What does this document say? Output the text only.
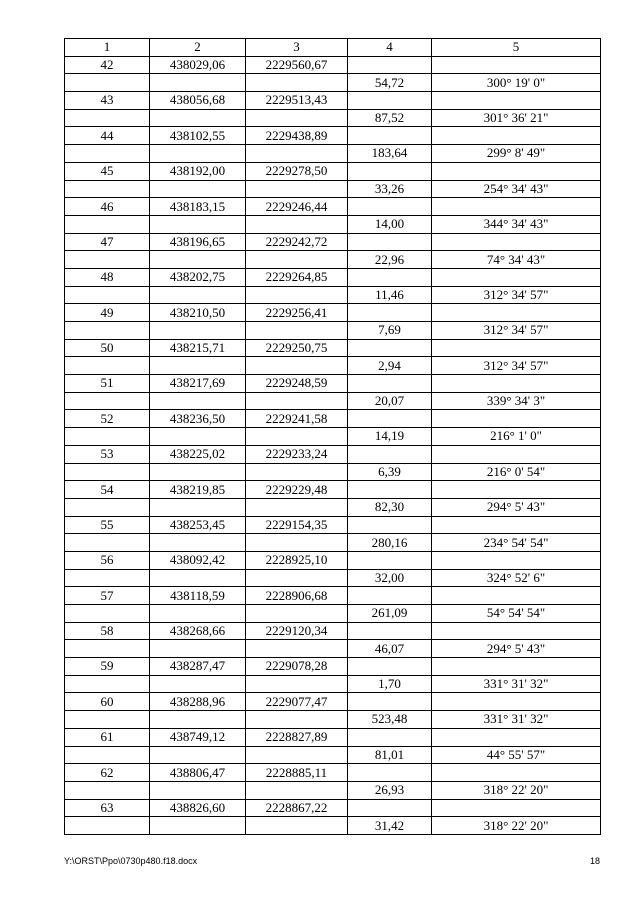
1	2	3	4	5
42	438029,06	2229560,67		
			54,72	300° 19' 0"
43	438056,68	2229513,43		
			87,52	301° 36' 21"
44	438102,55	2229438,89		
			183,64	299° 8' 49"
45	438192,00	2229278,50		
			33,26	254° 34' 43"
46	438183,15	2229246,44		
			14,00	344° 34' 43"
47	438196,65	2229242,72		
			22,96	74° 34' 43"
48	438202,75	2229264,85		
			11,46	312° 34' 57"
49	438210,50	2229256,41		
			7,69	312° 34' 57"
50	438215,71	2229250,75		
			2,94	312° 34' 57"
51	438217,69	2229248,59		
			20,07	339° 34' 3"
52	438236,50	2229241,58		
			14,19	216° 1' 0"
53	438225,02	2229233,24		
			6,39	216° 0' 54"
54	438219,85	2229229,48		
			82,30	294° 5' 43"
55	438253,45	2229154,35		
			280,16	234° 54' 54"
56	438092,42	2228925,10		
			32,00	324° 52' 6"
57	438118,59	2228906,68		
			261,09	54° 54' 54"
58	438268,66	2229120,34		
			46,07	294° 5' 43"
59	438287,47	2229078,28		
			1,70	331° 31' 32"
60	438288,96	2229077,47		
			523,48	331° 31' 32"
61	438749,12	2228827,89		
			81,01	44° 55' 57"
62	438806,47	2228885,11		
			26,93	318° 22' 20"
63	438826,60	2228867,22		
			31,42	318° 22' 20"
Y:\ORST\Ppo\0730p480.f18.docx	18
